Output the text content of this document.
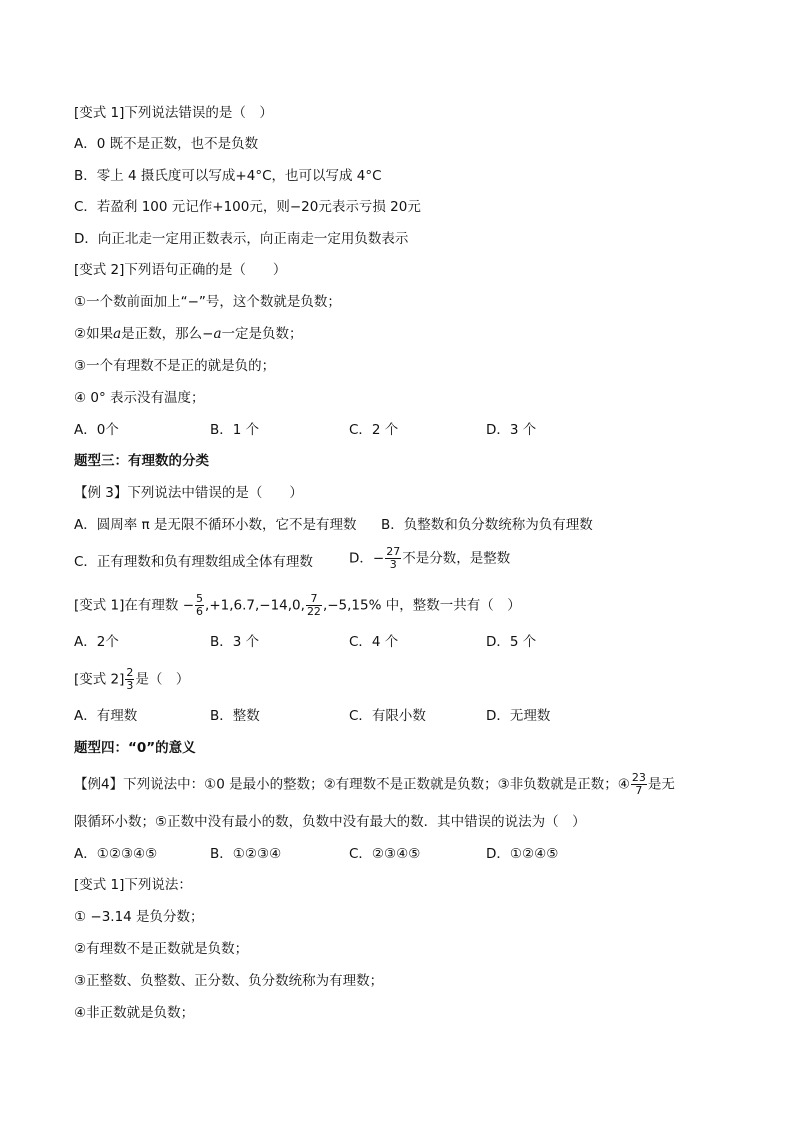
[变式 1]下列说法错误的是（　）
A．0 既不是正数，也不是负数
B．零上 4 摄氏度可以写成+4°C，也可以写成 4°C
C．若盈利 100 元记作+100元，则−20元表示亏损 20元
D．向正北走一定用正数表示，向正南走一定用负数表示
[变式 2]下列语句正确的是（　　）
①一个数前面加上“−”号，这个数就是负数；
②如果a是正数，那么−a一定是负数；
③一个有理数不是正的就是负的；
④ 0° 表示没有温度；
A．0个	B．1 个	C．2 个	D．3 个
题型三：有理数的分类
【例 3】下列说法中错误的是（　　）
A．圆周率 π 是无限不循环小数，它不是有理数 B．负整数和负分数统称为负有理数
C．正有理数和负有理数组成全体有理数	D．− $\frac{27}{3}$ 不是分数，是整数
[变式 1]在有理数 − $\frac{5}{6} ,+1,6.7,-14,0$, $\frac{7}{22} ,-5,15\%$ 中，整数一共有（　）
A．2个	B．3 个	C．4 个	D．5 个
[变式 $2] \frac{2}{3}$ 是（　）
A．有理数	B．整数	C．有限小数	D．无理数
题型四：“0”的意义
【例4】下列说法中：①0 是最小的整数；②有理数不是正数就是负数；③非负数就是正数；④ $\frac{23}{7}$ 是无
限循环小数；⑤正数中没有最小的数，负数中没有最大的数．其中错误的说法为（　）
A．①②③④⑤	B．①②③④	C．②③④⑤	D．①②④⑤
[变式 1]下列说法：
① −3.14 是负分数；
②有理数不是正数就是负数；
③正整数、负整数、正分数、负分数统称为有理数；
④非正数就是负数；
